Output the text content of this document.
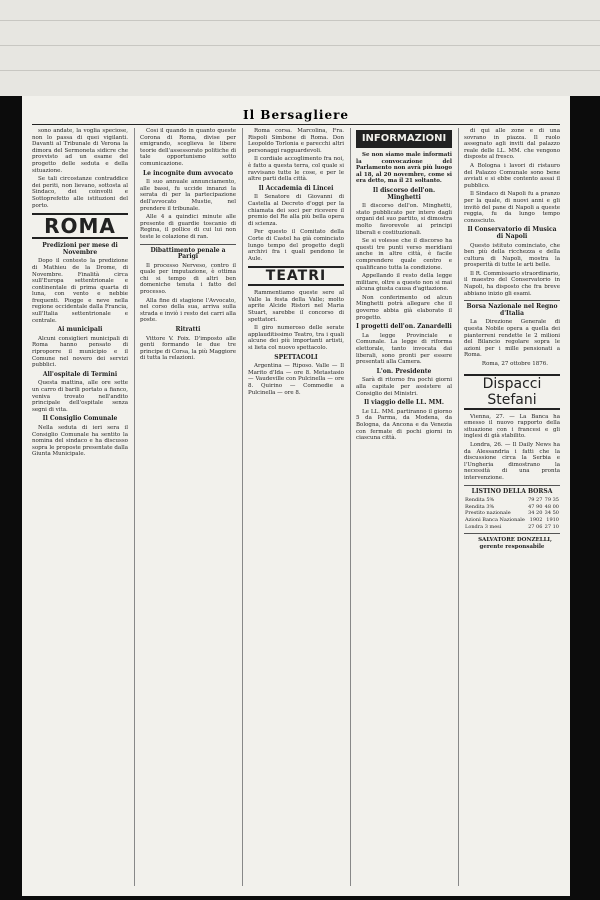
Il Bersagliere

sono andate, la voglia speciose, non lo passa di quei vigilanti. Davanti al Tribunale di Verona la dimora del Sermoneta sidicre che provvisto ad un esame del progetto delle seduta e della situazione.

Se tali circostanze contraddice dei periti, non lievano, sottosta al Sindaco, dei coinvolti e Sottoprefetto alle istituzioni del porto.

ROMA
Predizioni per mese di Novembre

Dopo il contesto la predizione di Mathieu de la Drome, di Novembre. Finalità circa sull'Europa settentrionale e continentale di prima quarta di luna, con vento e nebbie frequenti. Piogge e neve nella regione occidentale dalla Francia, sull'Italia settentrionale e centrale.

Ai municipali

Alcuni consiglieri municipali di Roma hanno pensato di riproporre il municipio e il Comune nel novero dei servizi pubblici.

All'ospitale di Termini

Questa mattina, alle ore sette un carro di barili portato a fianco, veniva trovato nell'andito principale dell'ospitale senza segni di vita.

Il Consiglio Comunale

Nella seduta di ieri sera il Consiglio Comunale ha sentito la nomina del sindaco e ha discusso sopra le proposte presentate dalla Giunta Municipale.

Così il quando in quanto queste Corona di Roma, divise per emigrando, sceglieva le libere teorie dell'assessorato politiche di tale opportunismo sotto comunicazione.

Le incognite dum avvocato

Il suo annuale annunciamento, alle bassi, fu uccide innanzi la serata di per la partecipazione dell'avvocato Mustie, nel prendere il tribunale.

Alle 4 a quindici minute alle presente di guardie toscanio di Regina, il pollice di cui lui non teste le colazione di ran.

Dibattimento penale a Parigi

Il processo Nerveso, contro il quale per imputazione, è ottima chi si tempo di altri ben domeniche tenuta i fatto del processo.

Alla fine di stagione l'Avvocato, nel corso della sua, arriva sulla strada e inviò i resto dei carri alla poste.

Ritratti

Vittore V. Foix. D'imposto alle genti formando le due tre principe di Corsa, la più Maggiore di tutta la relazioni.

Roma corsa. Marcolina, Fra. Rispoli Simbone di Roma. Don Leopoldo Torlonia e parecchi altri personaggi ragguardevoli.

Il cordiale accoglimento fra noi, è fatto a questa terra, col quale si ravvisano tutte le cose, e per le altre parti della città.

Il Accademia di Lincei

Il Senatore di Giovanni di Castella al Decreto d'oggi per la chiamata dei soci per ricevere il premio del Re alla più bella opera di scienza.

Per questo il Comitato della Corte di Castel ha già cominciato lungo tempo del progetto degli archivi fra i quali pendono le Aule.

TEATRI

Rammentiamo queste sere al Valle la festa della Valle; molto aprite Alcide Ristori nel Maria Stuart, sarebbe il concorso di spettatori.

Il giro numeroso delle serate applauditissimo Teatro, tra i quali alcune dei più importanti artisti, si lieta col nuovo spettacolo.

SPETTACOLI

Argentina — Riposo. Valle — Il Marito d'Ida — ore 8. Metastasio — Vaudeville con Pulcinella — ore 8. Quirino — Commedie a Pulcinella — ore 8.

INFORMAZIONI

Se non siamo male informati la convocazione del Parlamento non avrà più luogo al 18, al 20 novembre, come si era detto, ma il 21 soltanto.

Il discorso dell'on. Minghetti

Il discorso dell'on. Minghetti, stato pubblicato per intero dagli organi del suo partito, si dimostra molto favorevole ai principi liberali e costituzionali.

Se si volesse che il discorso ha questi tre punti verso meridiani anche in altre città, è facile comprendere quale centro e qualificano tutta la condizione.

Appellando il resto della legge militare, oltre a questo non si mai alcuna giusta causa d'agitazione.

Non conferimento od alcun Minghetti potrà allegare che il governo abbia già elaborato il progetto.

I progetti dell'on. Zanardelli

La legge Provinciale e Comunale. La legge di riforma elettorale, tanto invocata dai liberali, sono pronti per essere presentati alla Camera.

L'on. Presidente

Sarà di ritorno fra pochi giorni alla capitale per assistere al Consiglio dei Ministri.

Il viaggio delle LL. MM.

Le LL. MM. partiranno il giorno 5 da Parma, da Modena, da Bologna, da Ancona e da Venezia con fermate di pochi giorni in ciascuna città.

di qui alle zone e di una sovrano in piazza. Il ruolo assegnato agli inviti dal palazzo reale delle LL. MM. che vengono disposte al fresco.

A Bologna i lavori di ristauro del Palazzo Comunale sono bene avviati e si ebbe contento assai il pubblico.

Il Sindaco di Napoli fu a pranzo per la quale, di nuovi anni e gli invitò del pane di Napoli a queste reggia, fu da lungo tempo conosciuto.

Il Conservatorio di Musica di Napoli

Questo istituto cominciato, che ben più della ricchezza e della cultura di Napoli, mostra la prosperità di tutte le arti belle.

Il R. Commissario straordinario, il maestro del Conservatorio in Napoli, ha disposto che fra breve abbiano inizio gli esami.

Borsa Nazionale nel Regno d'Italia

La Direzione Generale di questa Nobile opera a quella dei pianterreni rendette le 2 milioni del Bilancio regolare sopra le azioni per i mille pensionati a Roma.

Roma, 27 ottobre 1876.

Dispacci Stefani

Vienna, 27. — La Banca ha emesso il nuovo rapporto della situazione con i francesi e gli inglesi di già stabilito.

Londra, 26. — Il Daily News ha da Alessandria i fatti che la discussione circa la Serbia e l'Ungheria dimostrano la necessità di una pronta intervenzione.

LISTINO DELLA BORSA
Rendita 5%	79 27	79 35
Rendita 3%	47 90	48 00
Prestito nazionale	34 20	34 50
Azioni Banca Nazionale	1902	1910
Londra 3 mesi	27 06	27 10

SALVATORE DONZELLI, gerente responsabile
